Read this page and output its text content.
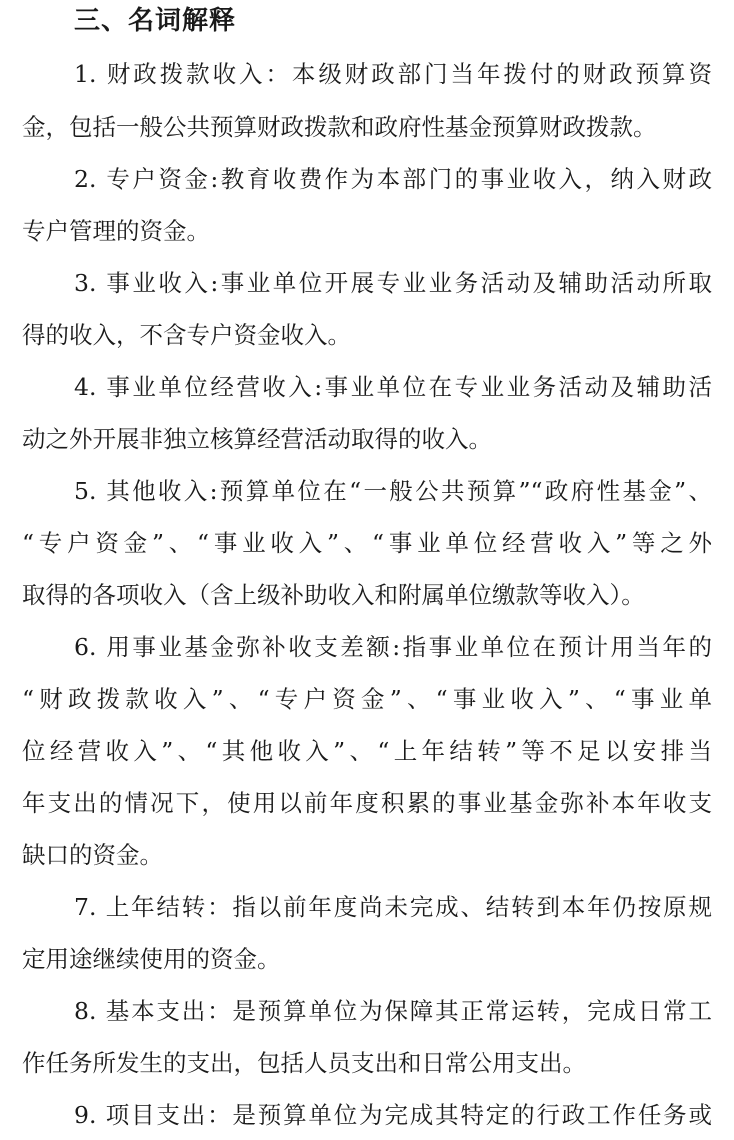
三、名词解释
1. 财政拨款收入：本级财政部门当年拨付的财政预算资
金，包括一般公共预算财政拨款和政府性基金预算财政拨款。
2. 专户资金:教育收费作为本部门的事业收入，纳入财政
专户管理的资金。
3. 事业收入:事业单位开展专业业务活动及辅助活动所取
得的收入，不含专户资金收入。
4. 事业单位经营收入:事业单位在专业业务活动及辅助活
动之外开展非独立核算经营活动取得的收入。
5. 其他收入:预算单位在“一般公共预算”“政府性基金”、
“专户资金”、“事业收入”、“事业单位经营收入”等之外
取得的各项收入（含上级补助收入和附属单位缴款等收入）。
6. 用事业基金弥补收支差额:指事业单位在预计用当年的
“财政拨款收入”、“专户资金”、“事业收入”、“事业单
位经营收入”、“其他收入”、“上年结转”等不足以安排当
年支出的情况下，使用以前年度积累的事业基金弥补本年收支
缺口的资金。
7. 上年结转：指以前年度尚未完成、结转到本年仍按原规
定用途继续使用的资金。
8. 基本支出：是预算单位为保障其正常运转，完成日常工
作任务所发生的支出，包括人员支出和日常公用支出。
9. 项目支出：是预算单位为完成其特定的行政工作任务或
